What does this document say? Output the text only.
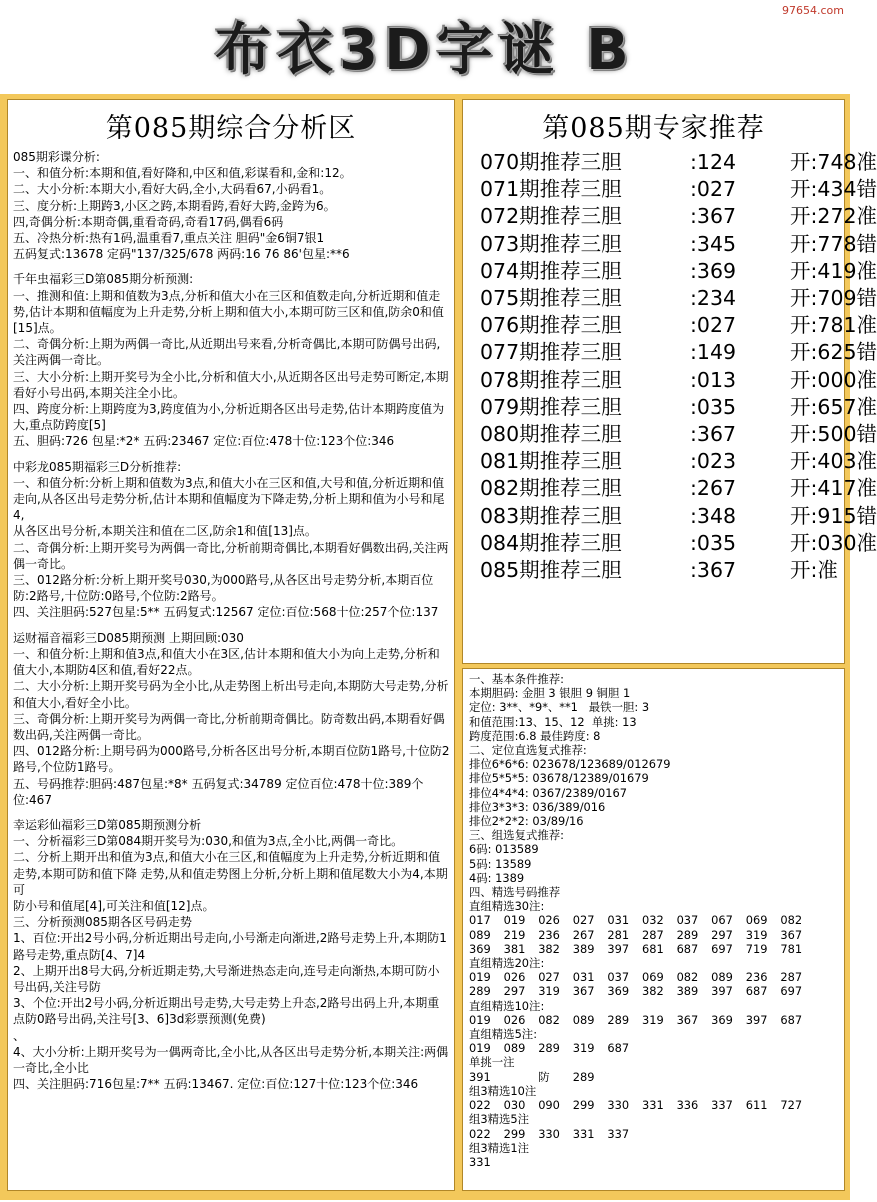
97654.com
布衣3D字谜 B
第085期综合分析区
085期彩谍分析:
一、和值分析:本期和值,看好降和,中区和值,彩谋看和,金和:12。
二、大小分析:本期大小,看好大码,全小,大码看67,小码看1。
三、度分析:上期跨3,小区之跨,本期看跨,看好大跨,金跨为6。
四,奇偶分析:本期奇偶,重看奇码,奇看17码,偶看6码
五、冷热分析:热有1码,温重看7,重点关注 胆码"金6铜7银1
五码复式:13678 定码"137/325/678 两码:16 76 86'包星:**6
千年虫福彩三D第085期分析预测:
一、推测和值:上期和值数为3点,分析和值大小在三区和值数走向,分析近期和值走势,估计本期和值幅度为上升走势,分析上期和值大小,本期可防三区和值,防余0和值[15]点。
二、奇偶分析:上期为两偶一奇比,从近期出号来看,分析奇偶比,本期可防偶号出码,关注两偶一奇比。
三、大小分析:上期开奖号为全小比,分析和值大小,从近期各区出号走势可断定,本期看好小号出码,本期关注全小比。
四、跨度分析:上期跨度为3,跨度值为小,分析近期各区出号走势,估计本期跨度值为大,重点防跨度[5]
五、胆码:726 包星:*2* 五码:23467 定位:百位:478十位:123个位:346
中彩龙085期福彩三D分析推荐:
一、和值分析:分析上期和值数为3点,和值大小在三区和值,大号和值,分析近期和值走向,从各区出号走势分析,估计本期和值幅度为下降走势,分析上期和值为小号和尾4,
从各区出号分析,本期关注和值在二区,防余1和值[13]点。
二、奇偶分析:上期开奖号为两偶一奇比,分析前期奇偶比,本期看好偶数出码,关注两偶一奇比。
三、012路分析:分析上期开奖号030,为000路号,从各区出号走势分析,本期百位防:2路号,十位防:0路号,个位防:2路号。
四、关注胆码:527包星:5** 五码复式:12567 定位:百位:568十位:257个位:137
运财福音福彩三D085期预测 上期回顾:030
一、和值分析:上期和值3点,和值大小在3区,估计本期和值大小为向上走势,分析和值大小,本期防4区和值,看好22点。
二、大小分析:上期开奖号码为全小比,从走势图上析出号走向,本期防大号走势,分析和值大小,看好全小比。
三、奇偶分析:上期开奖号为两偶一奇比,分析前期奇偶比。防奇数出码,本期看好偶数出码,关注两偶一奇比。
四、012路分析:上期号码为000路号,分析各区出号分析,本期百位防1路号,十位防2路号,个位防1路号。
五、号码推荐:胆码:487包星:*8* 五码复式:34789 定位百位:478十位:389个位:467
幸运彩仙福彩三D第085期预测分析
一、分析福彩三D第084期开奖号为:030,和值为3点,全小比,两偶一奇比。
二、分析上期开出和值为3点,和值大小在三区,和值幅度为上升走势,分析近期和值走势,本期可防和值下降 走势,从和值走势图上分析,分析上期和值尾数大小为4,本期可
防小号和值尾[4],可关注和值[12]点。
三、分析预测085期各区号码走势
1、百位:开出2号小码,分析近期出号走向,小号渐走向渐进,2路号走势上升,本期防1路号走势,重点防[4、7]4
2、上期开出8号大码,分析近期走势,大号渐进热态走向,连号走向渐热,本期可防小号出码,关注号防
3、个位:开出2号小码,分析近期出号走势,大号走势上升态,2路号出码上升,本期重点防0路号出码,关注号[3、6]3d彩票预测(免费)
、
4、大小分析:上期开奖号为一偶两奇比,全小比,从各区出号走势分析,本期关注:两偶一奇比,全小比
四、关注胆码:716包星:7** 五码:13467. 定位:百位:127十位:123个位:346
第085期专家推荐
070期推荐三胆	:124	开:748准
071期推荐三胆	:027	开:434错
072期推荐三胆	:367	开:272准
073期推荐三胆	:345	开:778错
074期推荐三胆	:369	开:419准
075期推荐三胆	:234	开:709错
076期推荐三胆	:027	开:781准
077期推荐三胆	:149	开:625错
078期推荐三胆	:013	开:000准
079期推荐三胆	:035	开:657准
080期推荐三胆	:367	开:500错
081期推荐三胆	:023	开:403准
082期推荐三胆	:267	开:417准
083期推荐三胆	:348	开:915错
084期推荐三胆	:035	开:030准
085期推荐三胆	:367	开:准
一、基本条件推荐:
本期胆码: 金胆 3 银胆 9 铜胆 1
定位: 3**、*9*、**1   最铁一胆: 3
和值范围:13、15、12  单挑: 13
跨度范围:6.8 最佳跨度: 8
二、定位直选复式推荐:
排位6*6*6: 023678/123689/012679
排位5*5*5: 03678/12389/01679
排位4*4*4: 0367/2389/0167
排位3*3*3: 036/389/016
排位2*2*2: 03/89/16
三、组选复式推荐:
6码: 013589
5码: 13589
4码: 1389
四、精选号码推荐
直组精选30注:
017	019	026	027	031	032	037	067	069	082
089	219	236	267	281	287	289	297	319	367
369	381	382	389	397	681	687	697	719	781
直组精选20注:
019	026	027	031	037	069	082	089	236	287
289	297	319	367	369	382	389	397	687	697
直组精选10注:
019	026	082	089	289	319	367	369	397	687
直组精选5注:
019	089	289	319	687
单挑一注
391	防	289
组3精选10注
022	030	090	299	330	331	336	337	611	727
组3精选5注
022	299	330	331	337
组3精选1注
331
